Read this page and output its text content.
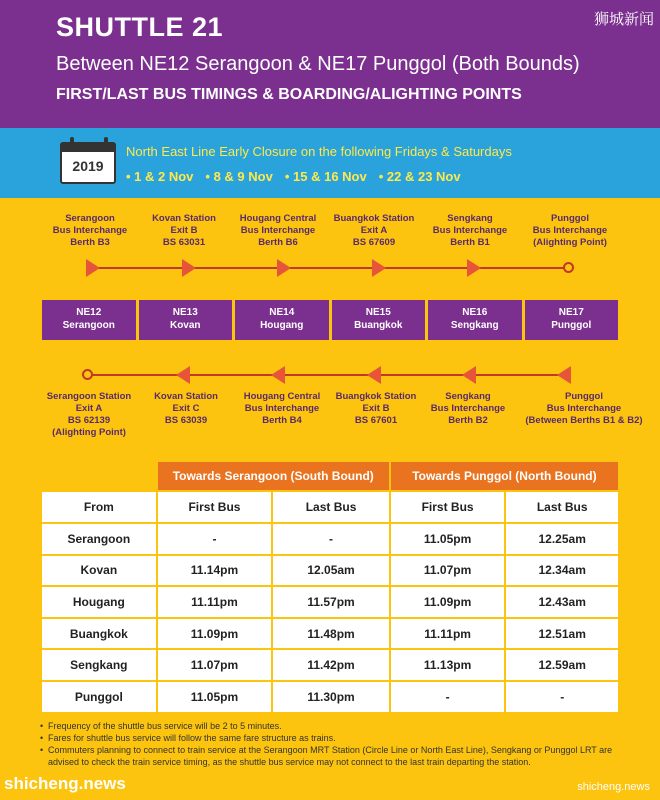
SHUTTLE 21
Between NE12 Serangoon & NE17 Punggol (Both Bounds)
FIRST/LAST BUS TIMINGS & BOARDING/ALIGHTING POINTS
狮城新闻
2019
North East Line Early Closure on the following Fridays & Saturdays
• 1 & 2 Nov	• 8 & 9 Nov	• 15 & 16 Nov	• 22 & 23 Nov
Serangoon
Bus Interchange
Berth B3
Kovan Station
Exit B
BS 63031
Hougang Central
Bus Interchange
Berth B6
Buangkok Station
Exit A
BS 67609
Sengkang
Bus Interchange
Berth B1
Punggol
Bus Interchange
(Alighting Point)
NE12
Serangoon
NE13
Kovan
NE14
Hougang
NE15
Buangkok
NE16
Sengkang
NE17
Punggol
Serangoon Station
Exit A
BS 62139
(Alighting Point)
Kovan Station
Exit C
BS 63039
Hougang Central
Bus Interchange
Berth B4
Buangkok Station
Exit B
BS 67601
Sengkang
Bus Interchange
Berth B2
Punggol
Bus Interchange
(Between Berths B1 & B2)
	Towards Serangoon (South Bound)		Towards Punggol (North Bound)	
From	First Bus	Last Bus	First Bus	Last Bus
Serangoon	-	-	11.05pm	12.25am
Kovan	11.14pm	12.05am	11.07pm	12.34am
Hougang	11.11pm	11.57pm	11.09pm	12.43am
Buangkok	11.09pm	11.48pm	11.11pm	12.51am
Sengkang	11.07pm	11.42pm	11.13pm	12.59am
Punggol	11.05pm	11.30pm	-	-
• Frequency of the shuttle bus service will be 2 to 5 minutes.
• Fares for shuttle bus service will follow the same fare structure as trains.
• Commuters planning to connect to train service at the Serangoon MRT Station (Circle Line or North East Line), Sengkang or Punggol LRT are advised to check the train service timing, as the shuttle bus service may not connect to the last train departing the station.
shicheng.news	shicheng.news
